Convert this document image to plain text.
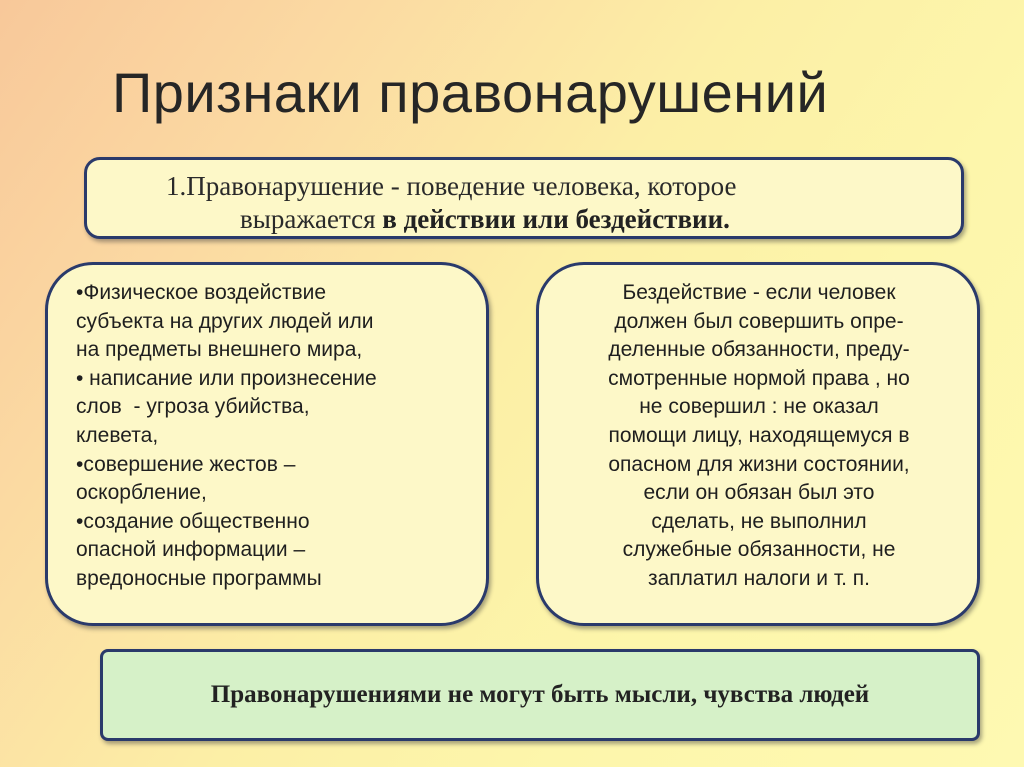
Признаки правонарушений
1.Правонарушение - поведение человека, которое
выражается в действии или бездействии.
•Физическое воздействие
субъекта на других людей или
на предметы внешнего мира,
• написание или произнесение
слов  - угроза убийства,
клевета,
•совершение жестов –
оскорбление,
•создание общественно
опасной информации –
вредоносные программы
Бездействие - если человек
должен был совершить опре-
деленные обязанности, преду-
смотренные нормой права , но
не совершил : не оказал
помощи лицу, находящемуся в
опасном для жизни состоянии,
если он обязан был это
сделать, не выполнил
служебные обязанности, не
заплатил налоги и т. п.
Правонарушениями не могут быть мысли, чувства людей
